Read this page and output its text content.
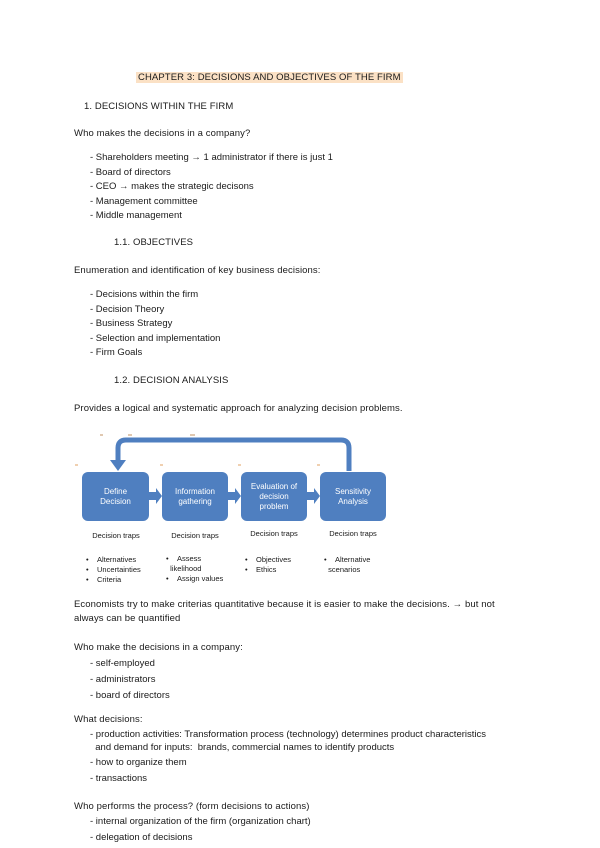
CHAPTER 3: DECISIONS AND OBJECTIVES OF THE FIRM
1. DECISIONS WITHIN THE FIRM
Who makes the decisions in a company?
- Shareholders meeting → 1 administrator if there is just 1
- Board of directors
- CEO → makes the strategic decisons
- Management committee
- Middle management
1.1. OBJECTIVES
Enumeration and identification of key business decisions:
- Decisions within the firm
- Decision Theory
- Business Strategy
- Selection and implementation
- Firm Goals
1.2. DECISION ANALYSIS
Provides a logical and systematic approach for analyzing decision problems.
Define
Decision
Information
gathering
Evaluation of
decision
problem
Sensitivity
Analysis
Decision traps	Decision traps	Decision traps	Decision traps
• Alternatives
• Uncertainties
• Criteria
• Assess
likelihood
• Assign values
• Objectives
• Ethics
• Alternative
scenarios
Economists try to make criterias quantitative because it is easier to make the decisions. → but not
always can be quantified
Who make the decisions in a company:
- self-employed
- administrators
- board of directors
What decisions:
- production activities: Transformation process (technology) determines product characteristics
and demand for inputs:  brands, commercial names to identify products
- how to organize them
- transactions
Who performs the process? (form decisions to actions)
- internal organization of the firm (organization chart)
- delegation of decisions
